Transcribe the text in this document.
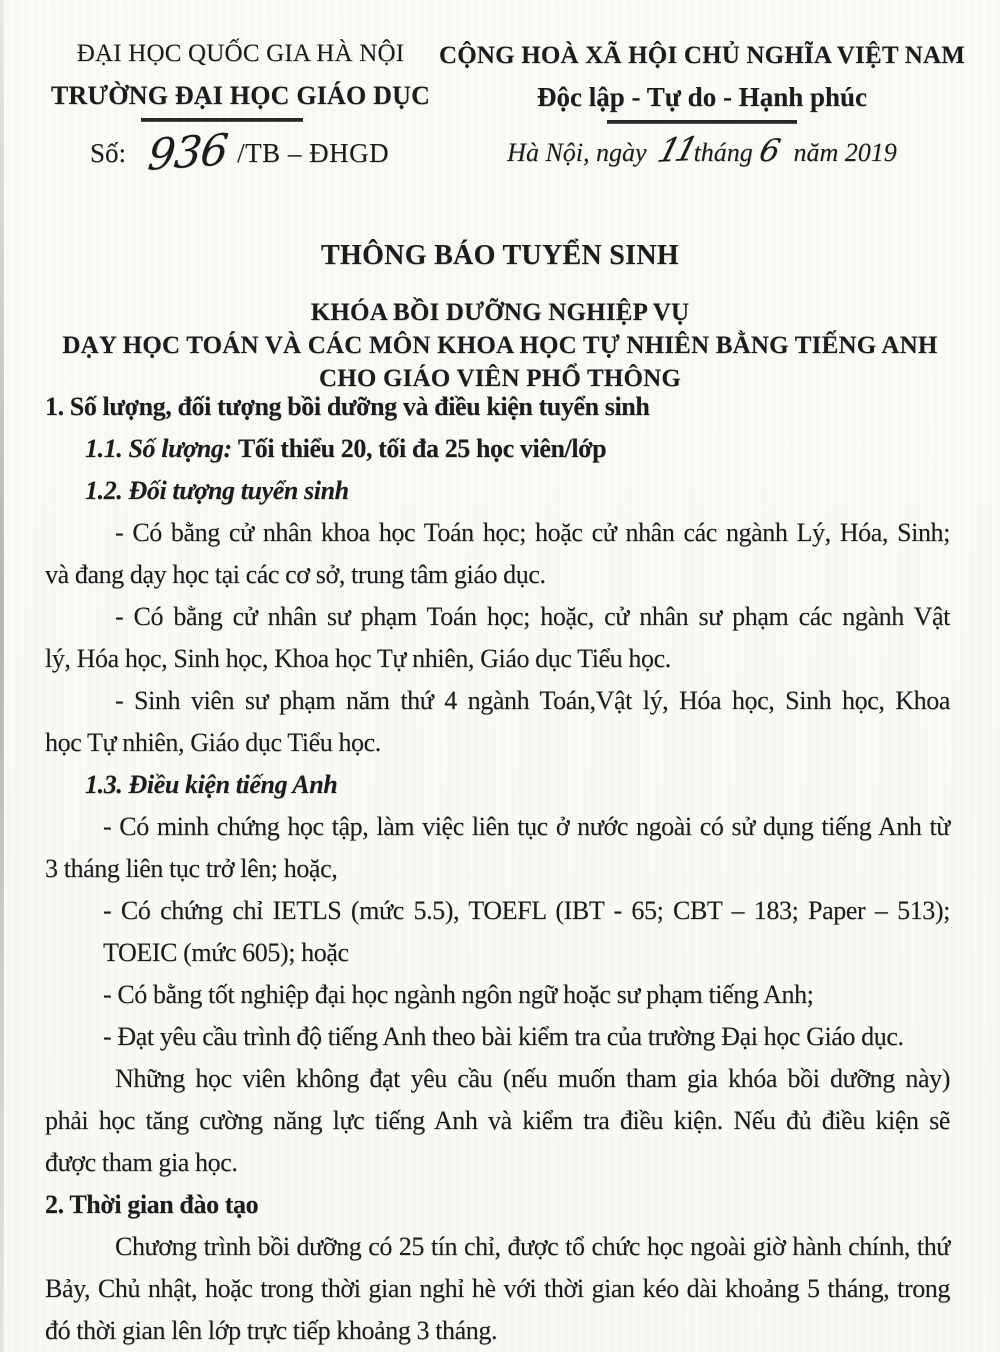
ĐẠI HỌC QUỐC GIA HÀ NỘI
TRƯỜNG ĐẠI HỌC GIÁO DỤC
Số: 936 /TB – ĐHGD
CỘNG HOÀ XÃ HỘI CHỦ NGHĨA VIỆT NAM
Độc lập - Tự do - Hạnh phúc
Hà Nội, ngày 11
tháng 6 năm 2019
THÔNG BÁO TUYỂN SINH
KHÓA BỒI DƯỠNG NGHIỆP VỤ
DẠY HỌC TOÁN VÀ CÁC MÔN KHOA HỌC TỰ NHIÊN BẰNG TIẾNG ANH
CHO GIÁO VIÊN PHỔ THÔNG
1. Số lượng, đối tượng bồi dưỡng và điều kiện tuyển sinh
1.1. Số lượng: Tối thiểu 20, tối đa 25 học viên/lớp
1.2. Đối tượng tuyển sinh
- Có bằng cử nhân khoa học Toán học; hoặc cử nhân các ngành Lý, Hóa, Sinh;
và đang dạy học tại các cơ sở, trung tâm giáo dục.
- Có bằng cử nhân sư phạm Toán học; hoặc, cử nhân sư phạm các ngành Vật
lý, Hóa học, Sinh học, Khoa học Tự nhiên, Giáo dục Tiểu học.
- Sinh viên sư phạm năm thứ 4 ngành Toán,Vật lý, Hóa học, Sinh học, Khoa
học Tự nhiên, Giáo dục Tiểu học.
1.3. Điều kiện tiếng Anh
- Có minh chứng học tập, làm việc liên tục ở nước ngoài có sử dụng tiếng Anh từ
3 tháng liên tục trở lên; hoặc,
- Có chứng chỉ IETLS (mức 5.5), TOEFL (IBT - 65; CBT – 183; Paper – 513);
TOEIC (mức 605); hoặc
- Có bằng tốt nghiệp đại học ngành ngôn ngữ hoặc sư phạm tiếng Anh;
- Đạt yêu cầu trình độ tiếng Anh theo bài kiểm tra của trường Đại học Giáo dục.
Những học viên không đạt yêu cầu (nếu muốn tham gia khóa bồi dưỡng này)
phải học tăng cường năng lực tiếng Anh và kiểm tra điều kiện. Nếu đủ điều kiện sẽ
được tham gia học.
2. Thời gian đào tạo
Chương trình bồi dưỡng có 25 tín chỉ, được tổ chức học ngoài giờ hành chính, thứ
Bảy, Chủ nhật, hoặc trong thời gian nghỉ hè với thời gian kéo dài khoảng 5 tháng, trong
đó thời gian lên lớp trực tiếp khoảng 3 tháng.
